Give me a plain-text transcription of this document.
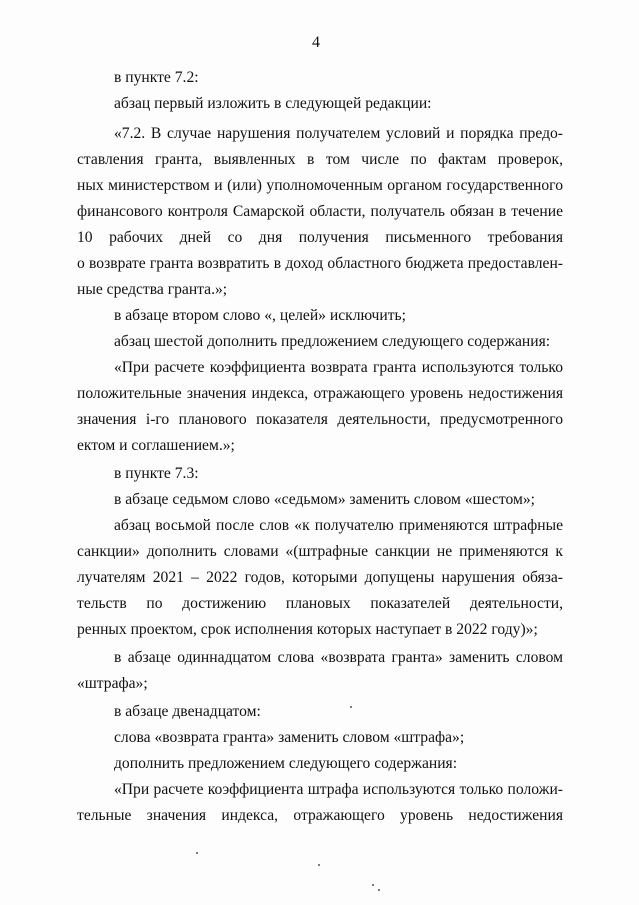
4
в пункте 7.2:
абзац первый изложить в следующей редакции:
«7.2. В случае нарушения получателем условий и порядка предо-
ставления гранта, выявленных в том числе по фактам проверок,
ных министерством и (или) уполномоченным органом государственного
финансового контроля Самарской области, получатель обязан в течение
10 рабочих дней со дня получения письменного требования
о возврате гранта возвратить в доход областного бюджета предоставлен-
ные средства гранта.»;
в абзаце втором слово «, целей» исключить;
абзац шестой дополнить предложением следующего содержания:
«При расчете коэффициента возврата гранта используются только
положительные значения индекса, отражающего уровень недостижения
значения i-го планового показателя деятельности, предусмотренного
ектом и соглашением.»;
в пункте 7.3:
в абзаце седьмом слово «седьмом» заменить словом «шестом»;
абзац восьмой после слов «к получателю применяются штрафные
санкции» дополнить словами «(штрафные санкции не применяются к
лучателям 2021 – 2022 годов, которыми допущены нарушения обяза-
тельств по достижению плановых показателей деятельности,
ренных проектом, срок исполнения которых наступает в 2022 году)»;
в абзаце одиннадцатом слова «возврата гранта» заменить словом
«штрафа»;
в абзаце двенадцатом:
слова «возврата гранта» заменить словом «штрафа»;
дополнить предложением следующего содержания:
«При расчете коэффициента штрафа используются только положи-
тельные значения индекса, отражающего уровень недостижения
